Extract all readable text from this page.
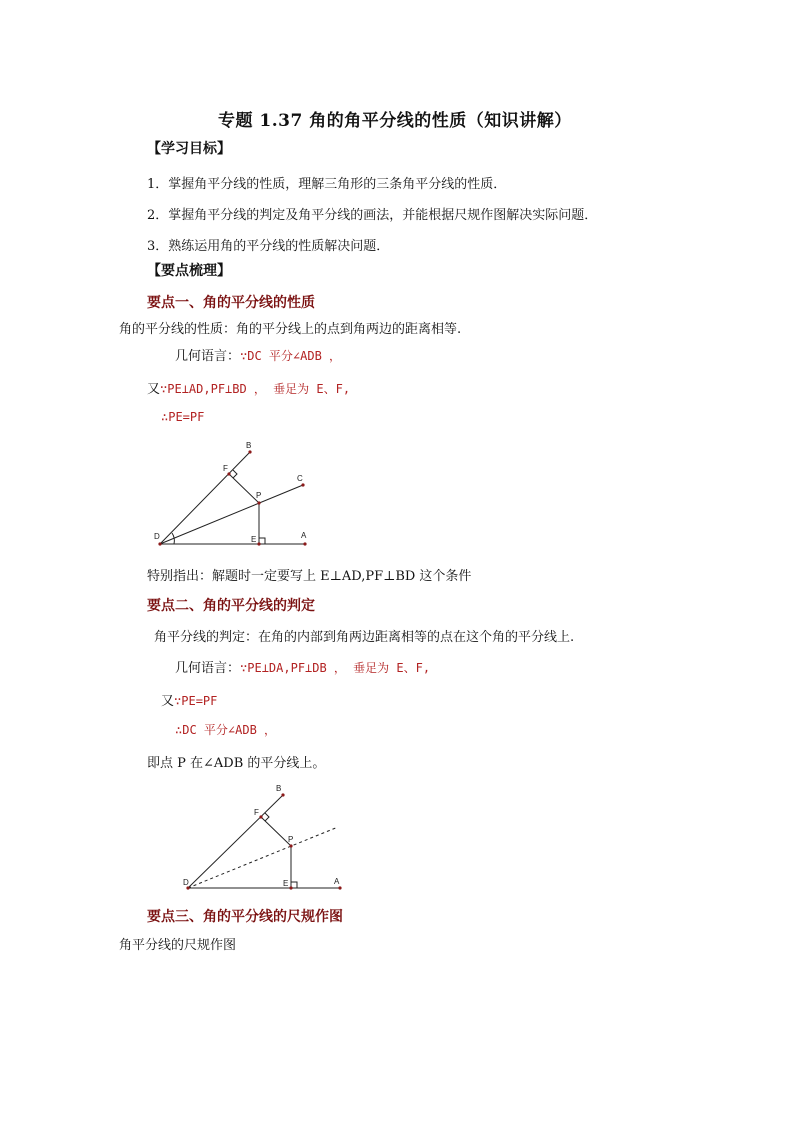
专题 1.37 角的角平分线的性质（知识讲解）
【学习目标】
1．掌握角平分线的性质，理解三角形的三条角平分线的性质．
2．掌握角平分线的判定及角平分线的画法，并能根据尺规作图解决实际问题．
3．熟练运用角的平分线的性质解决问题．
【要点梳理】
要点一、角的平分线的性质
角的平分线的性质：角的平分线上的点到角两边的距离相等.
几何语言：∵DC 平分∠ADB ，
又∵PE⊥AD,PF⊥BD ， 垂足为 E、F,
∴PE=PF
B
F
C
P
D	E	A
特别指出：解题时一定要写上 E⊥AD,PF⊥BD 这个条件
要点二、角的平分线的判定
角平分线的判定：在角的内部到角两边距离相等的点在这个角的平分线上.
几何语言：∵PE⊥DA,PF⊥DB ， 垂足为 E、F,
又∵PE=PF
∴DC 平分∠ADB ，
即点 P 在∠ADB 的平分线上。
B
F
P
D	E	A
要点三、角的平分线的尺规作图
角平分线的尺规作图
